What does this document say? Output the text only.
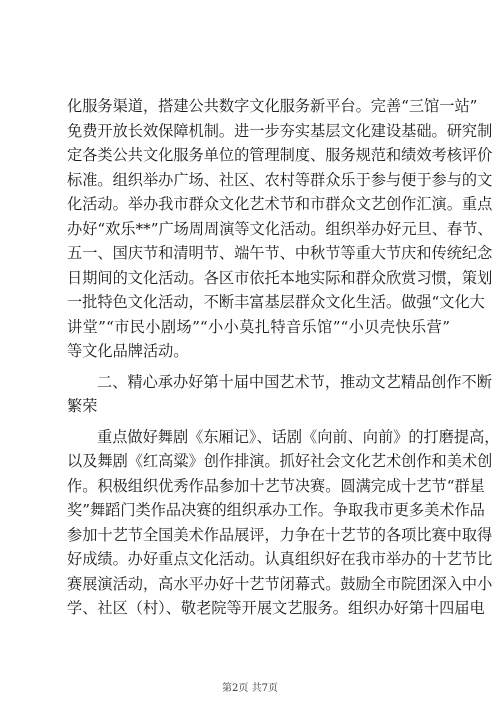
化服务渠道，搭建公共数字文化服务新平台。完善“三馆一站”
免费开放长效保障机制。进一步夯实基层文化建设基础。研究制
定各类公共文化服务单位的管理制度、服务规范和绩效考核评价
标准。组织举办广场、社区、农村等群众乐于参与便于参与的文
化活动。举办我市群众文化艺术节和市群众文艺创作汇演。重点
办好“欢乐**”广场周周演等文化活动。组织举办好元旦、春节、
五一、国庆节和清明节、端午节、中秋节等重大节庆和传统纪念
日期间的文化活动。各区市依托本地实际和群众欣赏习惯，策划
一批特色文化活动，不断丰富基层群众文化生活。做强“文化大
讲堂”“市民小剧场”“小小莫扎特音乐馆”“小贝壳快乐营”
等文化品牌活动。
二、精心承办好第十届中国艺术节，推动文艺精品创作不断
繁荣
重点做好舞剧《东厢记》、话剧《向前、向前》的打磨提高，
以及舞剧《红高粱》创作排演。抓好社会文化艺术创作和美术创
作。积极组织优秀作品参加十艺节决赛。圆满完成十艺节“群星
奖”舞蹈门类作品决赛的组织承办工作。争取我市更多美术作品
参加十艺节全国美术作品展评，力争在十艺节的各项比赛中取得
好成绩。办好重点文化活动。认真组织好在我市举办的十艺节比
赛展演活动，高水平办好十艺节闭幕式。鼓励全市院团深入中小
学、社区（村）、敬老院等开展文艺服务。组织办好第十四届电
第2页 共7页
